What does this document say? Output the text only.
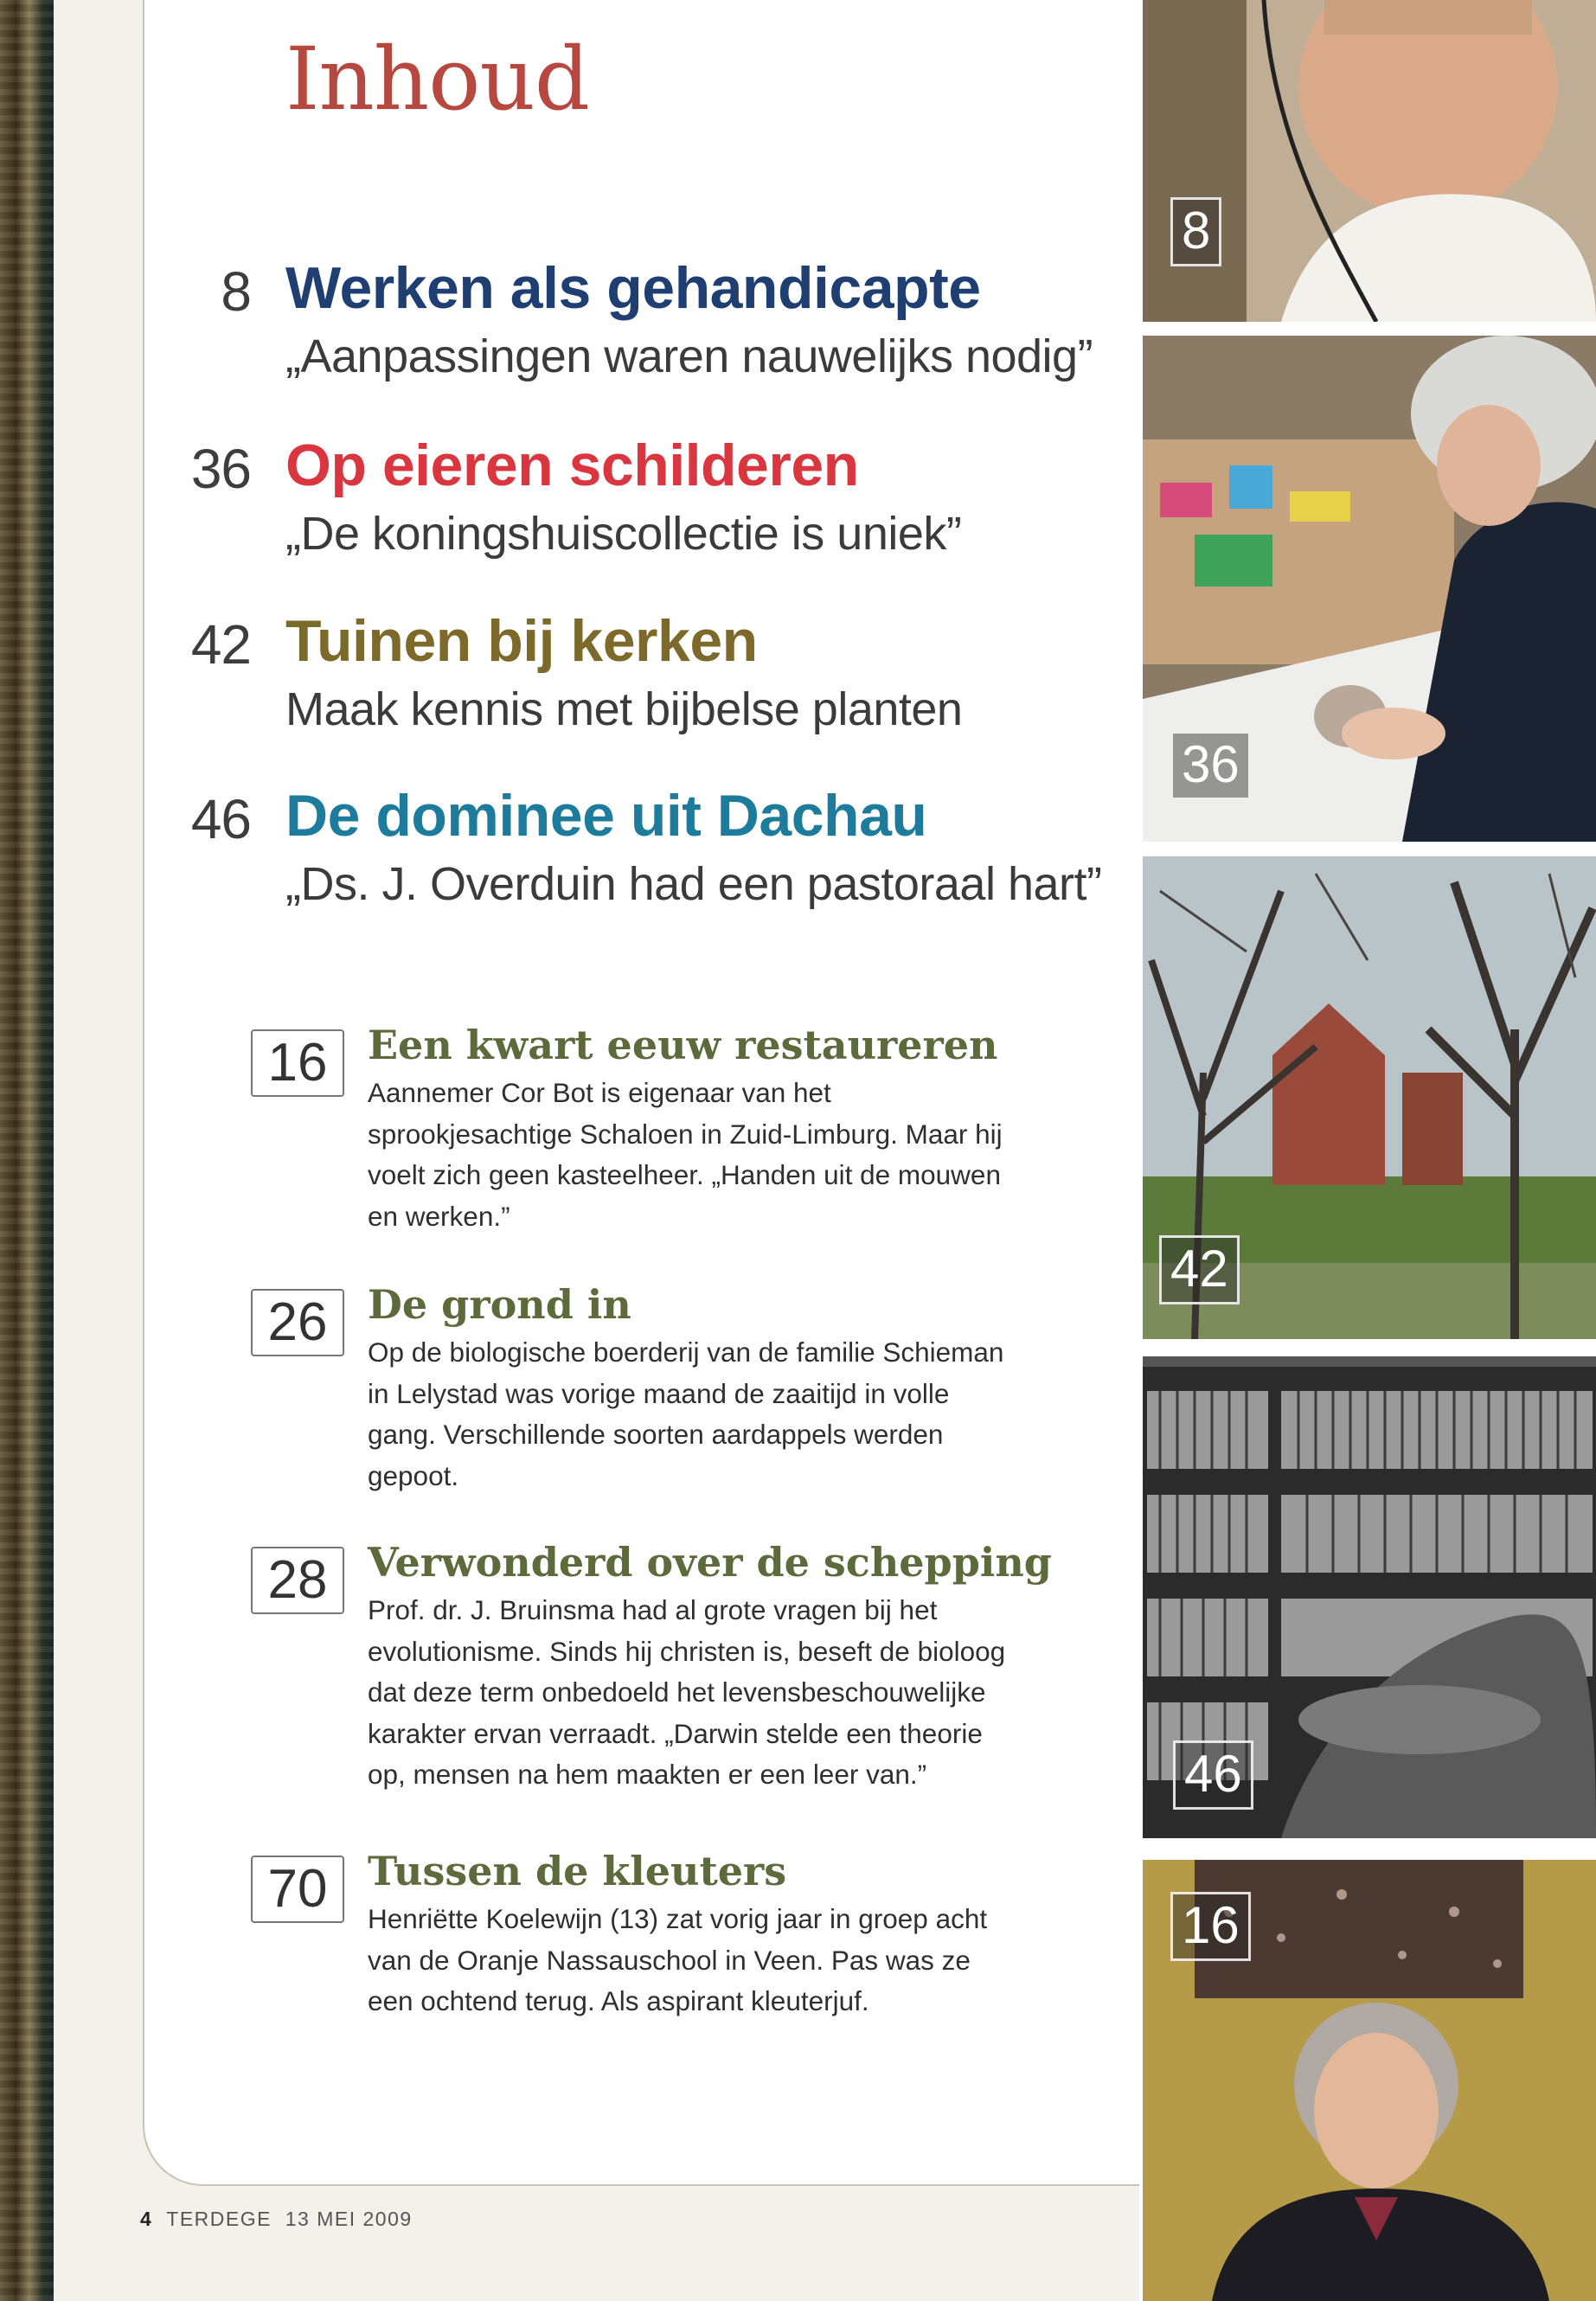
Inhoud
8 Werken als gehandicapte
„Aanpassingen waren nauwelijks nodig”
36 Op eieren schilderen
„De koningshuiscollectie is uniek”
42 Tuinen bij kerken
Maak kennis met bijbelse planten
46 De dominee uit Dachau
„Ds. J. Overduin had een pastoraal hart”
16	Een kwart eeuw restaureren
Aannemer Cor Bot is eigenaar van het
sprookjesachtige Schaloen in Zuid-Limburg. Maar hij
voelt zich geen kasteelheer. „Handen uit de mouwen
en werken.”
26	De grond in
Op de biologische boerderij van de familie Schieman
in Lelystad was vorige maand de zaaitijd in volle
gang. Verschillende soorten aardappels werden
gepoot.
28	Verwonderd over de schepping
Prof. dr. J. Bruinsma had al grote vragen bij het
evolutionisme. Sinds hij christen is, beseft de bioloog
dat deze term onbedoeld het levensbeschouwelijke
karakter ervan verraadt. „Darwin stelde een theorie
op, mensen na hem maakten er een leer van.”
70	Tussen de kleuters
Henriëtte Koelewijn (13) zat vorig jaar in groep acht
van de Oranje Nassauschool in Veen. Pas was ze
een ochtend terug. Als aspirant kleuterjuf.
8
36
42
46
16
4 TERDEGE 13 MEI 2009
